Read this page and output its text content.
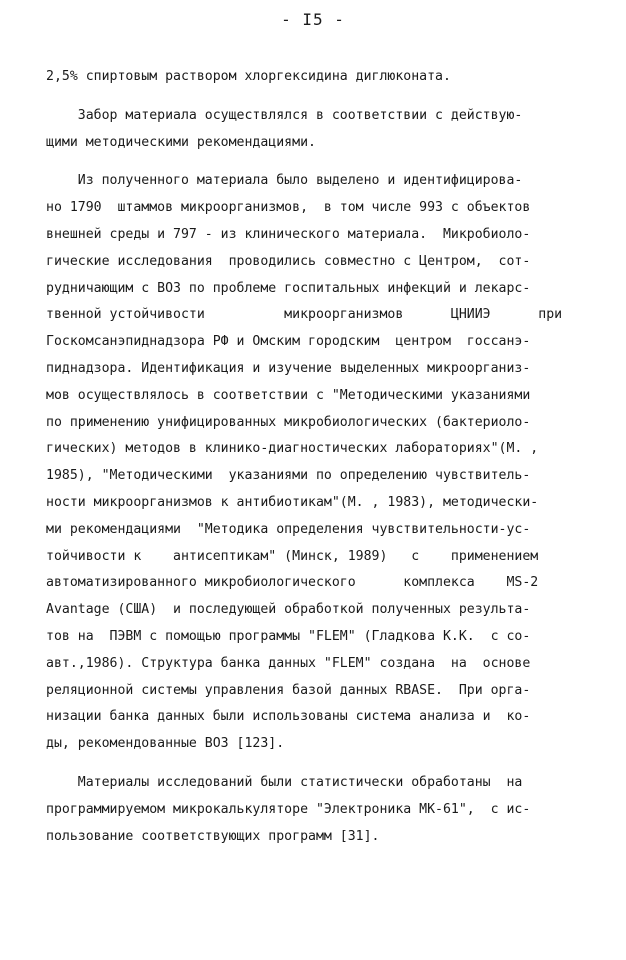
- I5 -
2,5% спиртовым раствором хлоргексидина диглюконата.
Забор материала осуществлялся в соответствии с действую-
щими методическими рекомендациями.
Из полученного материала было выделено и идентифицирова-
но 1790  штаммов микроорганизмов,  в том числе 993 с объектов
внешней среды и 797 - из клинического материала.  Микробиоло-
гические исследования  проводились совместно с Центром,  сот-
рудничающим с ВОЗ по проблеме госпитальных инфекций и лекарс-
твенной устойчивости          микроорганизмов      ЦНИИЭ      при
Госкомсанэпиднадзора РФ и Омским городским  центром  госсанэ-
пиднадзора. Идентификация и изучение выделенных микроорганиз-
мов осуществлялось в соответствии с "Методическими указаниями
по применению унифицированных микробиологических (бактериоло-
гических) методов в клинико-диагностических лабораториях"(М. ,
1985), "Методическими  указаниями по определению чувствитель-
ности микроорганизмов к антибиотикам"(М. , 1983), методически-
ми рекомендациями  "Методика определения чувствительности-ус-
тойчивости к    антисептикам" (Минск, 1989)   с    применением
автоматизированного микробиологического      комплекса    MS-2
Avantage (США)  и последующей обработкой полученных результа-
тов на  ПЭВМ с помощью программы "FLEM" (Гладкова К.К.  с со-
авт.,1986). Структура банка данных "FLEM" создана  на  основе
реляционной системы управления базой данных RBASE.  При орга-
низации банка данных были использованы система анализа и  ко-
ды, рекомендованные ВОЗ [123].
Материалы исследований были статистически обработаны  на
программируемом микрокалькуляторе "Электроника МК-61",  с ис-
пользование соответствующих программ [31].
